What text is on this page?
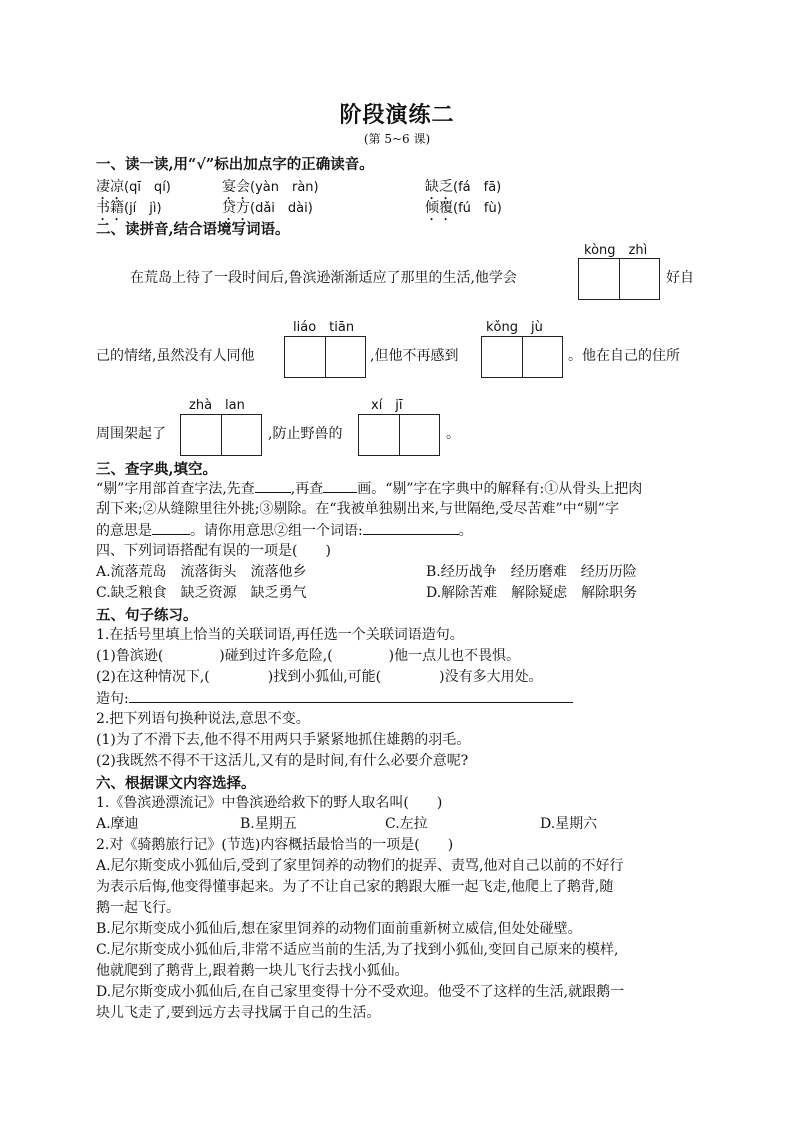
阶段演练二
(第 5~6 课)
一、读一读,用“√”标出加点字的正确读音。
凄凉(qī　qí)	宴会(yàn　ràn)	缺乏(fá　fā)
书籍(jí　jì)	贷方(dǎi　dài)	倾覆(fú　fù)
二、读拼音,结合语境写词语。
kòng　zhì
在荒岛上待了一段时间后,鲁滨逊渐渐适应了那里的生活,他学会	好自
liáo　tiān	kǒng　jù
己的情绪,虽然没有人同他	,但他不再感到	。他在自己的住所
zhà　lan	xí　jī
周围架起了	,防止野兽的	。
三、查字典,填空。
“剔”字用部首查字法,先查	,再查 画。“剔”字在字典中的解释有:①从骨头上把肉
刮下来;②从缝隙里往外挑;③剔除。在“我被单独剔出来,与世隔绝,受尽苦难”中“剔”字
的意思是	。请你用意思②组一个词语:	。
四、下列词语搭配有误的一项是(　　)
A.流落荒岛　流落街头　流落他乡	B.经历战争　经历磨难　经历历险
C.缺乏粮食　缺乏资源　缺乏勇气	D.解除苦难　解除疑虑　解除职务
五、句子练习。
1.在括号里填上恰当的关联词语,再任选一个关联词语造句。
(1)鲁滨逊(	)碰到过许多危险,(	)他一点儿也不畏惧。
(2)在这种情况下,(	)找到小狐仙,可能(	)没有多大用处。
造句:
2.把下列语句换种说法,意思不变。
(1)为了不滑下去,他不得不用两只手紧紧地抓住雄鹅的羽毛。
(2)我既然不得不干这活儿,又有的是时间,有什么必要介意呢?
六、根据课文内容选择。
1.《鲁滨逊漂流记》中鲁滨逊给救下的野人取名叫(　　)
A.摩迪	B.星期五	C.左拉	D.星期六
2.对《骑鹅旅行记》(节选)内容概括最恰当的一项是(　　)
A.尼尔斯变成小狐仙后,受到了家里饲养的动物们的捉弄、责骂,他对自己以前的不好行
为表示后悔,他变得懂事起来。为了不让自己家的鹅跟大雁一起飞走,他爬上了鹅背,随
鹅一起飞行。
B.尼尔斯变成小狐仙后,想在家里饲养的动物们面前重新树立威信,但处处碰壁。
C.尼尔斯变成小狐仙后,非常不适应当前的生活,为了找到小狐仙,变回自己原来的模样,
他就爬到了鹅背上,跟着鹅一块儿飞行去找小狐仙。
D.尼尔斯变成小狐仙后,在自己家里变得十分不受欢迎。他受不了这样的生活,就跟鹅一
块儿飞走了,要到远方去寻找属于自己的生活。
